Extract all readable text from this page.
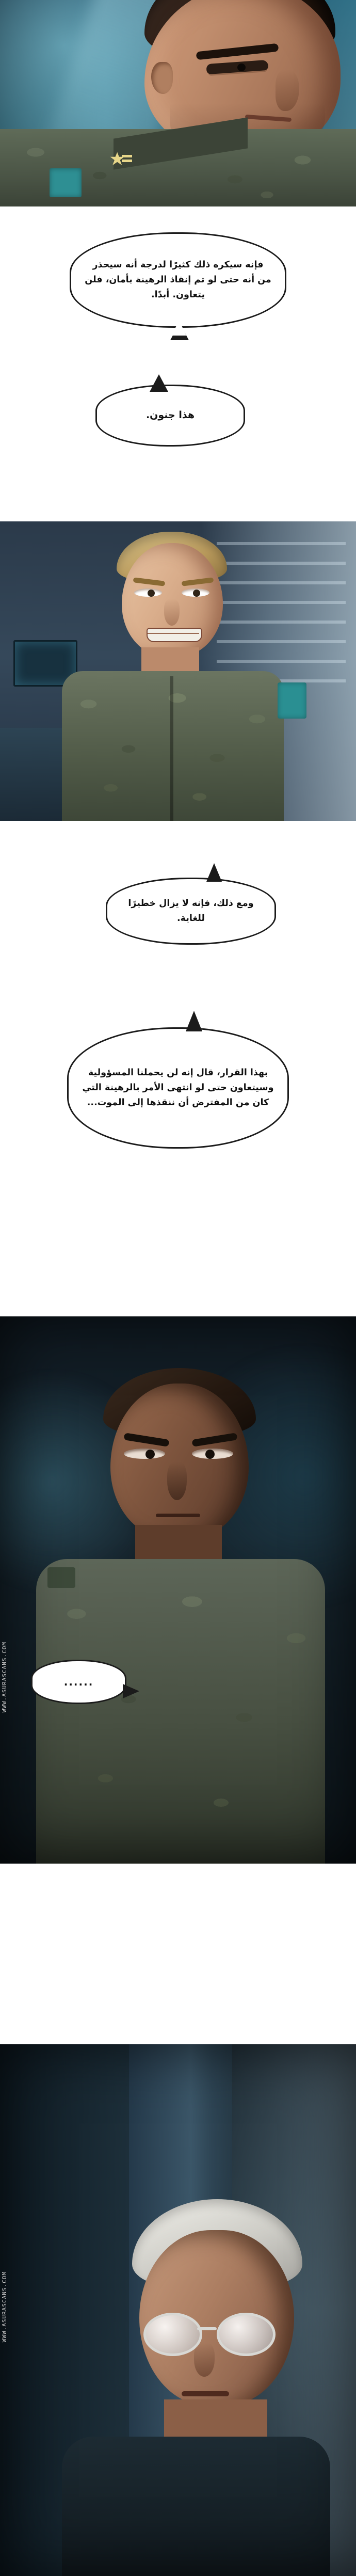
فإنه سيكره ذلك كثيرًا لدرجة أنه سيحذر من أنه حتى لو تم إنقاذ الرهينة بأمان، فلن يتعاون. أبدًا.
هذا جنون.
ومع ذلك، فإنه لا يزال خطيرًا للغاية.
بهذا القرار، قال إنه لن يحملنا المسؤولية وسيتعاون حتى لو انتهى الأمر بالرهينة التي كان من المفترض أن ننقذها إلى الموت...
WWW.ASURASCANS.COM	......
WWW.ASURASCANS.COM
